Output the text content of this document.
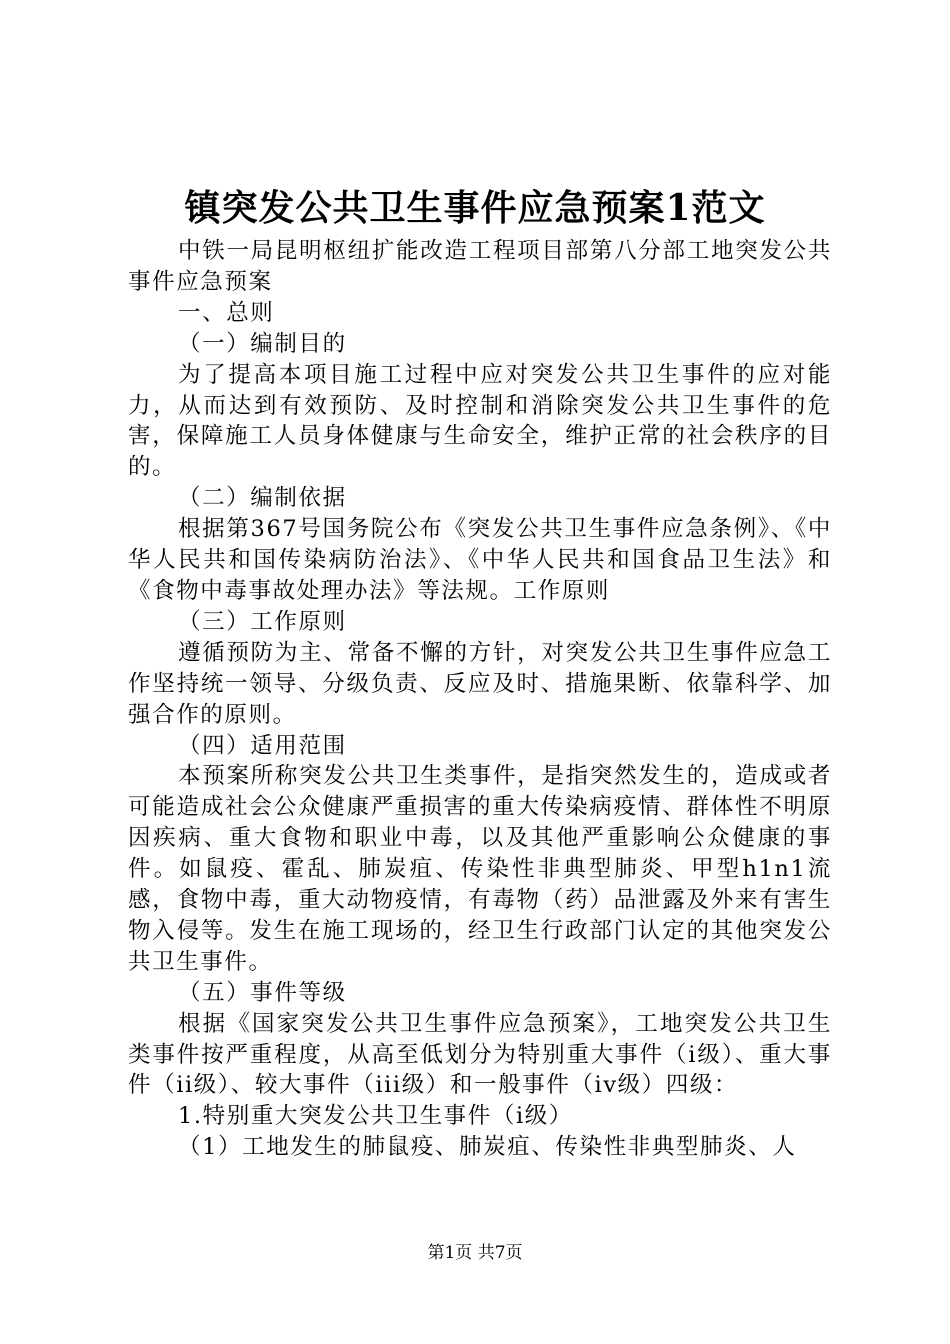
镇突发公共卫生事件应急预案1范文

中铁一局昆明枢纽扩能改造工程项目部第八分部工地突发公共事件应急预案

一、总则

（一）编制目的

为了提高本项目施工过程中应对突发公共卫生事件的应对能力，从而达到有效预防、及时控制和消除突发公共卫生事件的危害，保障施工人员身体健康与生命安全，维护正常的社会秩序的目的。

（二）编制依据

根据第367号国务院公布《突发公共卫生事件应急条例》、《中华人民共和国传染病防治法》、《中华人民共和国食品卫生法》和《食物中毒事故处理办法》等法规。工作原则

（三）工作原则

遵循预防为主、常备不懈的方针，对突发公共卫生事件应急工作坚持统一领导、分级负责、反应及时、措施果断、依靠科学、加强合作的原则。

（四）适用范围

本预案所称突发公共卫生类事件，是指突然发生的，造成或者可能造成社会公众健康严重损害的重大传染病疫情、群体性不明原因疾病、重大食物和职业中毒，以及其他严重影响公众健康的事件。如鼠疫、霍乱、肺炭疽、传染性非典型肺炎、甲型h1n1流感，食物中毒，重大动物疫情，有毒物（药）品泄露及外来有害生物入侵等。发生在施工现场的，经卫生行政部门认定的其他突发公共卫生事件。

（五）事件等级

根据《国家突发公共卫生事件应急预案》，工地突发公共卫生类事件按严重程度，从高至低划分为特别重大事件（i级）、重大事件（ii级）、较大事件（iii级）和一般事件（iv级）四级：

1.特别重大突发公共卫生事件（i级）

（1）工地发生的肺鼠疫、肺炭疽、传染性非典型肺炎、人

第1页 共7页
